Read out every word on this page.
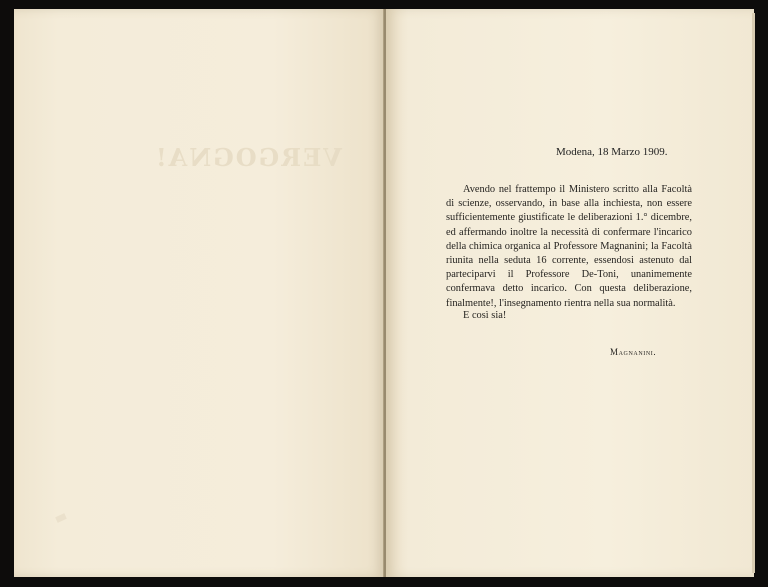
VERGOGNA!	Modena, 18 Marzo 1909.

Avendo nel frattempo il Ministero scritto alla Facoltà di scienze, osservando, in base alla inchiesta, non essere sufficientemente giustificate le deliberazioni 1.° dicembre, ed affermando inoltre la necessità di confermare l'incarico della chimica organica al Professore Magnanini; la Facoltà riunita nella seduta 16 corrente, essendosi astenuto dal parteciparvi il Professore De-Toni, unanimemente confermava detto incarico. Con questa deliberazione, finalmente!, l'insegnamento rientra nella sua normalità.

E così sia!
Magnanini.
